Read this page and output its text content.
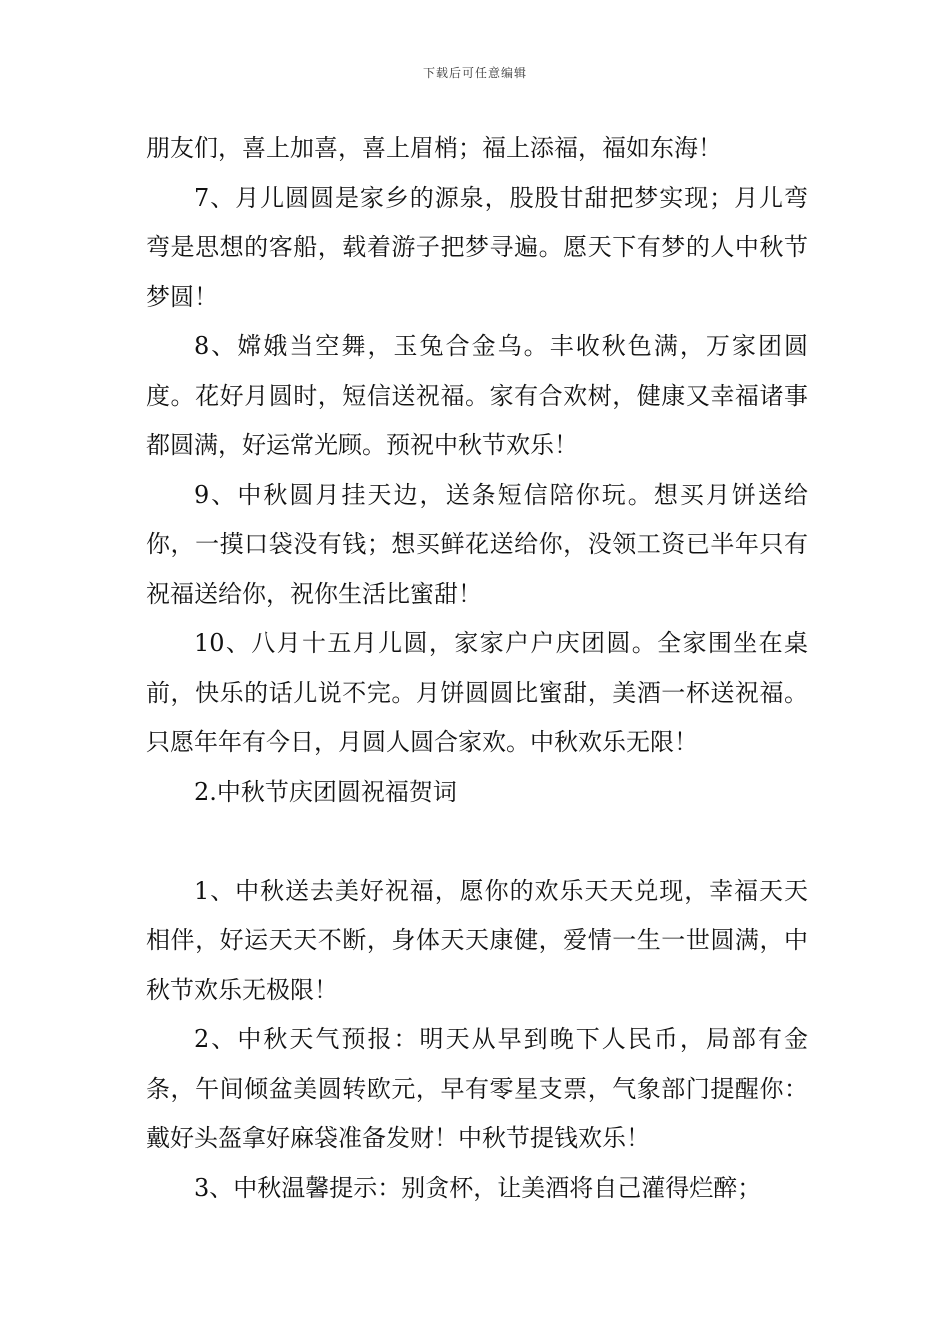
下载后可任意编辑

朋友们，喜上加喜，喜上眉梢；福上添福，福如东海！

7、月儿圆圆是家乡的源泉，股股甘甜把梦实现；月儿弯弯是思想的客船，载着游子把梦寻遍。愿天下有梦的人中秋节梦圆！

8、嫦娥当空舞，玉兔合金乌。丰收秋色满，万家团圆度。花好月圆时，短信送祝福。家有合欢树，健康又幸福诸事都圆满，好运常光顾。预祝中秋节欢乐！

9、中秋圆月挂天边，送条短信陪你玩。想买月饼送给你，一摸口袋没有钱；想买鲜花送给你，没领工资已半年只有祝福送给你，祝你生活比蜜甜！

10、八月十五月儿圆，家家户户庆团圆。全家围坐在桌前，快乐的话儿说不完。月饼圆圆比蜜甜，美酒一杯送祝福。只愿年年有今日，月圆人圆合家欢。中秋欢乐无限！

2.中秋节庆团圆祝福贺词

1、中秋送去美好祝福，愿你的欢乐天天兑现，幸福天天相伴，好运天天不断，身体天天康健，爱情一生一世圆满，中秋节欢乐无极限！

2、中秋天气预报：明天从早到晚下人民币，局部有金条，午间倾盆美圆转欧元，早有零星支票，气象部门提醒你：戴好头盔拿好麻袋准备发财！中秋节提钱欢乐！

3、中秋温馨提示：别贪杯，让美酒将自己灌得烂醉；
